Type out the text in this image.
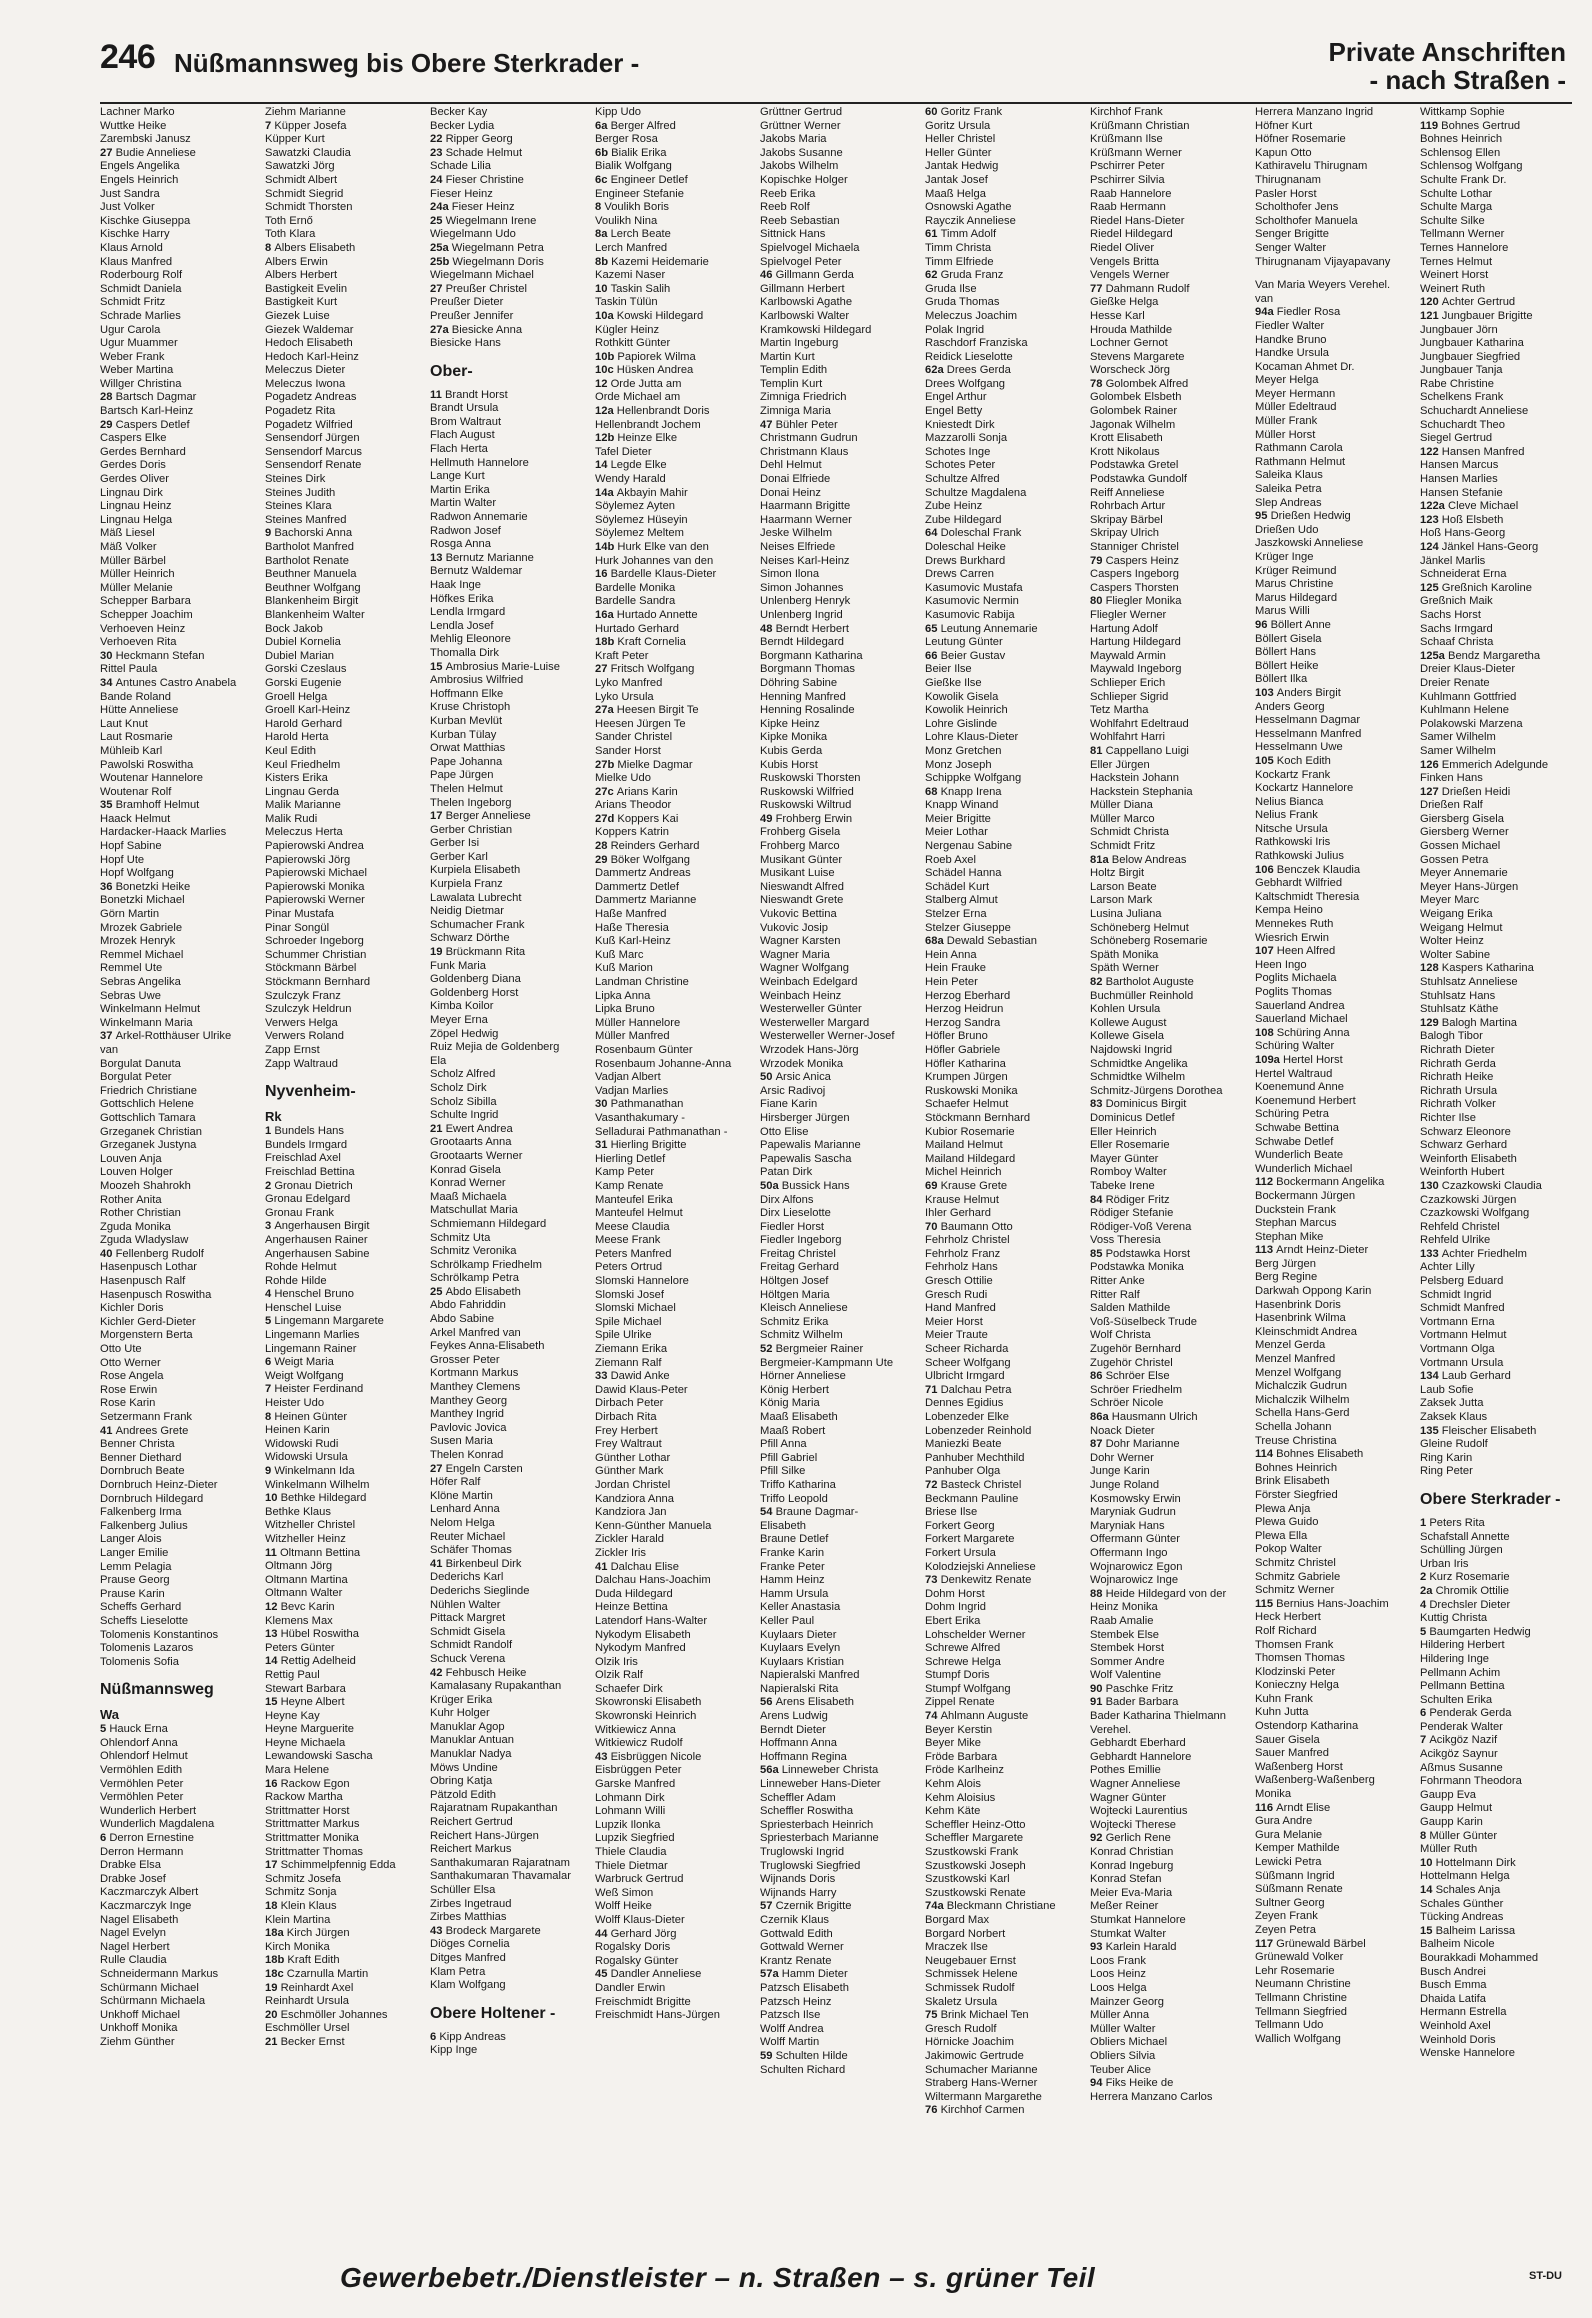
246 Nüßmannsweg bis Obere Sterkrader -	Private Anschriften
- nach Straßen -
Lachner Marko
Wuttke Heike
Zarembski Janusz
27 Budie Anneliese
Engels Angelika
Engels Heinrich
Just Sandra
Just Volker
Kischke Giuseppa
Kischke Harry
Klaus Arnold
Klaus Manfred
Roderbourg Rolf
Schmidt Daniela
Schmidt Fritz
Schrade Marlies
Ugur Carola
Ugur Muammer
Weber Frank
Weber Martina
Willger Christina
28 Bartsch Dagmar
Bartsch Karl-Heinz
29 Caspers Detlef
Caspers Elke
Gerdes Bernhard
Gerdes Doris
Gerdes Oliver
Lingnau Dirk
Lingnau Heinz
Lingnau Helga
Mäß Liesel
Mäß Volker
Müller Bärbel
Müller Heinrich
Müller Melanie
Schepper Barbara
Schepper Joachim
Verhoeven Heinz
Verhoeven Rita
30 Heckmann Stefan
Rittel Paula
34 Antunes Castro Anabela
Bande Roland
Hütte Anneliese
Laut Knut
Laut Rosmarie
Mühleib Karl
Pawolski Roswitha
Woutenar Hannelore
Woutenar Rolf
35 Bramhoff Helmut
Haack Helmut
Hardacker-Haack Marlies
Hopf Sabine
Hopf Ute
Hopf Wolfgang
36 Bonetzki Heike
Bonetzki Michael
Görn Martin
Mrozek Gabriele
Mrozek Henryk
Remmel Michael
Remmel Ute
Sebras Angelika
Sebras Uwe
Winkelmann Helmut
Winkelmann Maria
37 Arkel-Rotthäuser Ulrike
van
Borgulat Danuta
Borgulat Peter
Friedrich Christiane
Gottschlich Helene
Gottschlich Tamara
Grzeganek Christian
Grzeganek Justyna
Louven Anja
Louven Holger
Moozeh Shahrokh
Rother Anita
Rother Christian
Zguda Monika
Zguda Wladyslaw
40 Fellenberg Rudolf
Hasenpusch Lothar
Hasenpusch Ralf
Hasenpusch Roswitha
Kichler Doris
Kichler Gerd-Dieter
Morgenstern Berta
Otto Ute
Otto Werner
Rose Angela
Rose Erwin
Rose Karin
Setzermann Frank
41 Andrees Grete
Benner Christa
Benner Diethard
Dornbruch Beate
Dornbruch Heinz-Dieter
Dornbruch Hildegard
Falkenberg Irma
Falkenberg Julius
Langer Alois
Langer Emilie
Lemm Pelagia
Prause Georg
Prause Karin
Scheffs Gerhard
Scheffs Lieselotte
Tolomenis Konstantinos
Tolomenis Lazaros
Tolomenis Sofia
Nüßmannsweg
Wa
5 Hauck Erna
Ohlendorf Anna
Ohlendorf Helmut
Vermöhlen Edith
Vermöhlen Peter
Vermöhlen Peter
Wunderlich Herbert
Wunderlich Magdalena
6 Derron Ernestine
Derron Hermann
Drabke Elsa
Drabke Josef
Kaczmarczyk Albert
Kaczmarczyk Inge
Nagel Elisabeth
Nagel Evelyn
Nagel Herbert
Rulle Claudia
Schneidermann Markus
Schürmann Michael
Schürmann Michaela
Unkhoff Michael
Unkhoff Monika
Ziehm Günther
Ziehm Marianne
7 Küpper Josefa
Küpper Kurt
Sawatzki Claudia
Sawatzki Jörg
Schmidt Albert
Schmidt Siegrid
Schmidt Thorsten
Toth Ernő
Toth Klara
8 Albers Elisabeth
Albers Erwin
Albers Herbert
Bastigkeit Evelin
Bastigkeit Kurt
Giezek Luise
Giezek Waldemar
Hedoch Elisabeth
Hedoch Karl-Heinz
Meleczus Dieter
Meleczus Iwona
Pogadetz Andreas
Pogadetz Rita
Pogadetz Wilfried
Sensendorf Jürgen
Sensendorf Marcus
Sensendorf Renate
Steines Dirk
Steines Judith
Steines Klara
Steines Manfred
9 Bachorski Anna
Bartholot Manfred
Bartholot Renate
Beuthner Manuela
Beuthner Wolfgang
Blankenheim Birgit
Blankenheim Walter
Bock Jakob
Dubiel Kornelia
Dubiel Marian
Gorski Czeslaus
Gorski Eugenie
Groell Helga
Groell Karl-Heinz
Harold Gerhard
Harold Herta
Keul Edith
Keul Friedhelm
Kisters Erika
Lingnau Gerda
Malik Marianne
Malik Rudi
Meleczus Herta
Papierowski Andrea
Papierowski Jörg
Papierowski Michael
Papierowski Monika
Papierowski Werner
Pinar Mustafa
Pinar Songül
Schroeder Ingeborg
Schummer Christian
Stöckmann Bärbel
Stöckmann Bernhard
Szulczyk Franz
Szulczyk Heldrun
Verwers Helga
Verwers Roland
Zapp Ernst
Zapp Waltraud
Nyvenheim-
Rk
1 Bundels Hans
Bundels Irmgard
Freischlad Axel
Freischlad Bettina
2 Gronau Dietrich
Gronau Edelgard
Gronau Frank
3 Angerhausen Birgit
Angerhausen Rainer
Angerhausen Sabine
Rohde Helmut
Rohde Hilde
4 Henschel Bruno
Henschel Luise
5 Lingemann Margarete
Lingemann Marlies
Lingemann Rainer
6 Weigt Maria
Weigt Wolfgang
7 Heister Ferdinand
Heister Udo
8 Heinen Günter
Heinen Karin
Widowski Rudi
Widowski Ursula
9 Winkelmann Ida
Winkelmann Wilhelm
10 Bethke Hildegard
Bethke Klaus
Witzheller Christel
Witzheller Heinz
11 Oltmann Bettina
Oltmann Jörg
Oltmann Martina
Oltmann Walter
12 Bevc Karin
Klemens Max
13 Hübel Roswitha
Peters Günter
14 Rettig Adelheid
Rettig Paul
Stewart Barbara
15 Heyne Albert
Heyne Kay
Heyne Marguerite
Heyne Michaela
Lewandowski Sascha
Mara Helene
16 Rackow Egon
Rackow Martha
Strittmatter Horst
Strittmatter Markus
Strittmatter Monika
Strittmatter Thomas
17 Schimmelpfennig Edda
Schmitz Josefa
Schmitz Sonja
18 Klein Klaus
Klein Martina
18a Kirch Jürgen
Kirch Monika
18b Kraft Edith
18c Czarnulla Martin
19 Reinhardt Axel
Reinhardt Ursula
20 Eschmöller Johannes
Eschmöller Ursel
21 Becker Ernst
Becker Kay
Becker Lydia
22 Ripper Georg
23 Schade Helmut
Schade Lilia
24 Fieser Christine
Fieser Heinz
24a Fieser Heinz
25 Wiegelmann Irene
Wiegelmann Udo
25a Wiegelmann Petra
25b Wiegelmann Doris
Wiegelmann Michael
27 Preußer Christel
Preußer Dieter
Preußer Jennifer
27a Biesicke Anna
Biesicke Hans
Ober-
11 Brandt Horst
Brandt Ursula
Brom Waltraut
Flach August
Flach Herta
Hellmuth Hannelore
Lange Kurt
Martin Erika
Martin Walter
Radwon Annemarie
Radwon Josef
Rosga Anna
13 Bernutz Marianne
Bernutz Waldemar
Haak Inge
Höfkes Erika
Lendla Irmgard
Lendla Josef
Mehlig Eleonore
Thomalla Dirk
15 Ambrosius Marie-Luise
Ambrosius Wilfried
Hoffmann Elke
Kruse Christoph
Kurban Mevlüt
Kurban Tülay
Orwat Matthias
Pape Johanna
Pape Jürgen
Thelen Helmut
Thelen Ingeborg
17 Berger Anneliese
Gerber Christian
Gerber Isi
Gerber Karl
Kurpiela Elisabeth
Kurpiela Franz
Lawalata Lubrecht
Neidig Dietmar
Schumacher Frank
Schwarz Dörthe
19 Brückmann Rita
Funk Maria
Goldenberg Diana
Goldenberg Horst
Kimba Koilor
Meyer Erna
Zöpel Hedwig
Ruiz Mejia de Goldenberg
Ela
Scholz Alfred
Scholz Dirk
Scholz Sibilla
Schulte Ingrid
21 Ewert Andrea
Grootaarts Anna
Grootaarts Werner
Konrad Gisela
Konrad Werner
Maaß Michaela
Matschullat Maria
Schmiemann Hildegard
Schmitz Uta
Schmitz Veronika
Schrölkamp Friedhelm
Schrölkamp Petra
25 Abdo Elisabeth
Abdo Fahriddin
Abdo Sabine
Arkel Manfred van
Feykes Anna-Elisabeth
Grosser Peter
Kortmann Markus
Manthey Clemens
Manthey Georg
Manthey Ingrid
Pavlovic Jovica
Susen Maria
Thelen Konrad
27 Engeln Carsten
Höfer Ralf
Klöne Martin
Lenhard Anna
Nelom Helga
Reuter Michael
Schäfer Thomas
41 Birkenbeul Dirk
Dederichs Karl
Dederichs Sieglinde
Nühlen Walter
Pittack Margret
Schmidt Gisela
Schmidt Randolf
Schuck Verena
42 Fehbusch Heike
Kamalasany Rupakanthan
Krüger Erika
Kuhr Holger
Manuklar Agop
Manuklar Antuan
Manuklar Nadya
Möws Undine
Obring Katja
Pätzold Edith
Rajaratnam Rupakanthan
Reichert Gertrud
Reichert Hans-Jürgen
Reichert Markus
Santhakumaran Rajaratnam
Santhakumaran Thavamalar
Schüller Elsa
Zirbes Ingetraud
Zirbes Matthias
43 Brodeck Margarete
Diöges Cornelia
Ditges Manfred
Klam Petra
Klam Wolfgang
Obere Holtener -
6 Kipp Andreas
Kipp Inge
Kipp Udo
6a Berger Alfred
Berger Rosa
6b Bialik Erika
Bialik Wolfgang
6c Engineer Detlef
Engineer Stefanie
8 Voulikh Boris
Voulikh Nina
8a Lerch Beate
Lerch Manfred
8b Kazemi Heidemarie
Kazemi Naser
10 Taskin Salih
Taskin Tülün
10a Kowski Hildegard
Kügler Heinz
Rothkitt Günter
10b Papiorek Wilma
10c Hüsken Andrea
12 Orde Jutta am
Orde Michael am
12a Hellenbrandt Doris
Hellenbrandt Jochem
12b Heinze Elke
Tafel Dieter
14 Legde Elke
Wendy Harald
14a Akbayin Mahir
Söylemez Ayten
Söylemez Hüseyin
Söylemez Meltem
14b Hurk Elke van den
Hurk Johannes van den
16 Bardelle Klaus-Dieter
Bardelle Monika
Bardelle Sandra
16a Hurtado Annette
Hurtado Gerhard
18b Kraft Cornelia
Kraft Peter
27 Fritsch Wolfgang
Lyko Manfred
Lyko Ursula
27a Heesen Birgit Te
Heesen Jürgen Te
Sander Christel
Sander Horst
27b Mielke Dagmar
Mielke Udo
27c Arians Karin
Arians Theodor
27d Koppers Kai
Koppers Katrin
28 Reinders Gerhard
29 Böker Wolfgang
Dammertz Andreas
Dammertz Detlef
Dammertz Marianne
Haße Manfred
Haße Theresia
Kuß Karl-Heinz
Kuß Marc
Kuß Marion
Landman Christine
Lipka Anna
Lipka Bruno
Müller Hannelore
Müller Manfred
Rosenbaum Günter
Rosenbaum Johanne-Anna
Vadjan Albert
Vadjan Marlies
30 Pathmanathan
Vasanthakumary -
Selladurai Pathmanathan -
31 Hierling Brigitte
Hierling Detlef
Kamp Peter
Kamp Renate
Manteufel Erika
Manteufel Helmut
Meese Claudia
Meese Frank
Peters Manfred
Peters Ortrud
Slomski Hannelore
Slomski Josef
Slomski Michael
Spile Michael
Spile Ulrike
Ziemann Erika
Ziemann Ralf
33 Dawid Anke
Dawid Klaus-Peter
Dirbach Peter
Dirbach Rita
Frey Herbert
Frey Waltraut
Günther Lothar
Günther Mark
Jordan Christel
Kandziora Anna
Kandziora Jan
Kenn-Günther Manuela
Zickler Harald
Zickler Iris
41 Dalchau Elise
Dalchau Hans-Joachim
Duda Hildegard
Heinze Bettina
Latendorf Hans-Walter
Nykodym Elisabeth
Nykodym Manfred
Olzik Iris
Olzik Ralf
Schaefer Dirk
Skowronski Elisabeth
Skowronski Heinrich
Witkiewicz Anna
Witkiewicz Rudolf
43 Eisbrüggen Nicole
Eisbrüggen Peter
Garske Manfred
Lohmann Dirk
Lohmann Willi
Lupzik Ilonka
Lupzik Siegfried
Thiele Claudia
Thiele Dietmar
Warbruck Gertrud
Weß Simon
Wolff Heike
Wolff Klaus-Dieter
44 Gerhard Jörg
Rogalsky Doris
Rogalsky Günter
45 Dandler Anneliese
Dandler Erwin
Freischmidt Brigitte
Freischmidt Hans-Jürgen
Grüttner Gertrud
Grüttner Werner
Jakobs Maria
Jakobs Susanne
Jakobs Wilhelm
Kopischke Holger
Reeb Erika
Reeb Rolf
Reeb Sebastian
Sittnick Hans
Spielvogel Michaela
Spielvogel Peter
46 Gillmann Gerda
Gillmann Herbert
Karlbowski Agathe
Karlbowski Walter
Kramkowski Hildegard
Martin Ingeburg
Martin Kurt
Templin Edith
Templin Kurt
Zimniga Friedrich
Zimniga Maria
47 Bühler Peter
Christmann Gudrun
Christmann Klaus
Dehl Helmut
Donai Elfriede
Donai Heinz
Haarmann Brigitte
Haarmann Werner
Jeske Wilhelm
Neises Elfriede
Neises Karl-Heinz
Simon Ilona
Simon Johannes
Unlenberg Henryk
Unlenberg Ingrid
48 Berndt Herbert
Berndt Hildegard
Borgmann Katharina
Borgmann Thomas
Döhring Sabine
Henning Manfred
Henning Rosalinde
Kipke Heinz
Kipke Monika
Kubis Gerda
Kubis Horst
Ruskowski Thorsten
Ruskowski Wilfried
Ruskowski Wiltrud
49 Frohberg Erwin
Frohberg Gisela
Frohberg Marco
Musikant Günter
Musikant Luise
Nieswandt Alfred
Nieswandt Grete
Vukovic Bettina
Vukovic Josip
Wagner Karsten
Wagner Maria
Wagner Wolfgang
Weinbach Edelgard
Weinbach Heinz
Westerweller Günter
Westerweller Margard
Westerweller Werner-Josef
Wrzodek Hans-Jörg
Wrzodek Monika
50 Arsic Anica
Arsic Radivoj
Fiane Karin
Hirsberger Jürgen
Otto Elise
Papewalis Marianne
Papewalis Sascha
Patan Dirk
50a Bussick Hans
Dirx Alfons
Dirx Lieselotte
Fiedler Horst
Fiedler Ingeborg
Freitag Christel
Freitag Gerhard
Höltgen Josef
Höltgen Maria
Kleisch Anneliese
Schmitz Erika
Schmitz Wilhelm
52 Bergmeier Rainer
Bergmeier-Kampmann Ute
Hörner Anneliese
König Herbert
König Maria
Maaß Elisabeth
Maaß Robert
Pfill Anna
Pfill Gabriel
Pfill Silke
Triffo Katharina
Triffo Leopold
54 Braune Dagmar-
Elisabeth
Braune Detlef
Franke Karin
Franke Peter
Hamm Heinz
Hamm Ursula
Keller Anastasia
Keller Paul
Kuylaars Dieter
Kuylaars Evelyn
Kuylaars Kristian
Napieralski Manfred
Napieralski Rita
56 Arens Elisabeth
Arens Ludwig
Berndt Dieter
Hoffmann Anna
Hoffmann Regina
56a Linneweber Christa
Linneweber Hans-Dieter
Scheffler Adam
Scheffler Roswitha
Spriesterbach Heinrich
Spriesterbach Marianne
Truglowski Ingrid
Truglowski Siegfried
Wijnands Doris
Wijnands Harry
57 Czernik Brigitte
Czernik Klaus
Gottwald Edith
Gottwald Werner
Krantz Renate
57a Hamm Dieter
Patzsch Elisabeth
Patzsch Heinz
Patzsch Ilse
Wolff Andrea
Wolff Martin
59 Schulten Hilde
Schulten Richard
60 Goritz Frank
Goritz Ursula
Heller Christel
Heller Günter
Jantak Hedwig
Jantak Josef
Maaß Helga
Osnowski Agathe
Rayczik Anneliese
61 Timm Adolf
Timm Christa
Timm Elfriede
62 Gruda Franz
Gruda Ilse
Gruda Thomas
Meleczus Joachim
Polak Ingrid
Raschdorf Franziska
Reidick Lieselotte
62a Drees Gerda
Drees Wolfgang
Engel Arthur
Engel Betty
Kniestedt Dirk
Mazzarolli Sonja
Schotes Inge
Schotes Peter
Schultze Alfred
Schultze Magdalena
Zube Heinz
Zube Hildegard
64 Doleschal Frank
Doleschal Heike
Drews Burkhard
Drews Carren
Kasumovic Mustafa
Kasumovic Nermin
Kasumovic Rabija
65 Leutung Annemarie
Leutung Günter
66 Beier Gustav
Beier Ilse
Gießke Ilse
Kowolik Gisela
Kowolik Heinrich
Lohre Gislinde
Lohre Klaus-Dieter
Monz Gretchen
Monz Joseph
Schippke Wolfgang
68 Knapp Irena
Knapp Winand
Meier Brigitte
Meier Lothar
Nergenau Sabine
Roeb Axel
Schädel Hanna
Schädel Kurt
Stalberg Almut
Stelzer Erna
Stelzer Giuseppe
68a Dewald Sebastian
Hein Anna
Hein Frauke
Hein Peter
Herzog Eberhard
Herzog Heidrun
Herzog Sandra
Höfler Bruno
Höfler Gabriele
Höfler Katharina
Krumpen Jürgen
Ruskowski Monika
Schaefer Helmut
Stöckmann Bernhard
Kubior Rosemarie
Mailand Helmut
Mailand Hildegard
Michel Heinrich
69 Krause Grete
Krause Helmut
Ihler Gerhard
70 Baumann Otto
Fehrholz Christel
Fehrholz Franz
Fehrholz Hans
Gresch Ottilie
Gresch Rudi
Hand Manfred
Meier Horst
Meier Traute
Scheer Richarda
Scheer Wolfgang
Ulbricht Irmgard
71 Dalchau Petra
Dennes Egidius
Lobenzeder Elke
Lobenzeder Reinhold
Maniezki Beate
Panhuber Mechthild
Panhuber Olga
72 Basteck Christel
Beckmann Pauline
Briese Ilse
Forkert Georg
Forkert Margarete
Forkert Ursula
Kolodziejski Anneliese
73 Denkewitz Renate
Dohm Horst
Dohm Ingrid
Ebert Erika
Lohschelder Werner
Schrewe Alfred
Schrewe Helga
Stumpf Doris
Stumpf Wolfgang
Zippel Renate
74 Ahlmann Auguste
Beyer Kerstin
Beyer Mike
Fröde Barbara
Fröde Karlheinz
Kehm Alois
Kehm Aloisius
Kehm Käte
Scheffler Heinz-Otto
Scheffler Margarete
Szustkowski Frank
Szustkowski Joseph
Szustkowski Karl
Szustkowski Renate
74a Bleckmann Christiane
Borgard Max
Borgard Norbert
Mraczek Ilse
Neugebauer Ernst
Schmissek Helene
Schmissek Rudolf
Skaletz Ursula
75 Brink Michael Ten
Gresch Rudolf
Hörnicke Joachim
Jakimowic Gertrude
Schumacher Marianne
Straberg Hans-Werner
Wiltermann Margarethe
76 Kirchhof Carmen
Kirchhof Frank
Krüßmann Christian
Krüßmann Ilse
Krüßmann Werner
Pschirrer Peter
Pschirrer Silvia
Raab Hannelore
Raab Hermann
Riedel Hans-Dieter
Riedel Hildegard
Riedel Oliver
Vengels Britta
Vengels Werner
77 Dahmann Rudolf
Gießke Helga
Hesse Karl
Hrouda Mathilde
Lochner Gernot
Stevens Margarete
Worscheck Jörg
78 Golombek Alfred
Golombek Elsbeth
Golombek Rainer
Jagonak Wilhelm
Krott Elisabeth
Krott Nikolaus
Podstawka Gretel
Podstawka Gundolf
Reiff Anneliese
Rohrbach Artur
Skripay Bärbel
Skripay Ulrich
Stanniger Christel
79 Caspers Heinz
Caspers Ingeborg
Caspers Thorsten
80 Fliegler Monika
Fliegler Werner
Hartung Adolf
Hartung Hildegard
Maywald Armin
Maywald Ingeborg
Schlieper Erich
Schlieper Sigrid
Tetz Martha
Wohlfahrt Edeltraud
Wohlfahrt Harri
81 Cappellano Luigi
Eller Jürgen
Hackstein Johann
Hackstein Stephania
Müller Diana
Müller Marco
Schmidt Christa
Schmidt Fritz
81a Below Andreas
Holtz Birgit
Larson Beate
Larson Mark
Lusina Juliana
Schöneberg Helmut
Schöneberg Rosemarie
Späth Monika
Späth Werner
82 Bartholot Auguste
Buchmüller Reinhold
Kohlen Ursula
Kollewe August
Kollewe Gisela
Najdowski Ingrid
Schmidtke Angelika
Schmidtke Wilhelm
Schmitz-Jürgens Dorothea
83 Dominicus Birgit
Dominicus Detlef
Eller Heinrich
Eller Rosemarie
Mayer Günter
Romboy Walter
Tabeke Irene
84 Rödiger Fritz
Rödiger Stefanie
Rödiger-Voß Verena
Voss Theresia
85 Podstawka Horst
Podstawka Monika
Ritter Anke
Ritter Ralf
Salden Mathilde
Voß-Süselbeck Trude
Wolf Christa
Zugehör Bernhard
Zugehör Christel
86 Schröer Else
Schröer Friedhelm
Schröer Nicole
86a Hausmann Ulrich
Noack Dieter
87 Dohr Marianne
Dohr Werner
Junge Karin
Junge Roland
Kosmowsky Erwin
Maryniak Gudrun
Maryniak Hans
Offermann Günter
Offermann Ingo
Wojnarowicz Egon
Wojnarowicz Inge
88 Heide Hildegard von der
Heinz Monika
Raab Amalie
Stembek Else
Stembek Horst
Sommer Andre
Wolf Valentine
90 Paschke Fritz
91 Bader Barbara
Bader Katharina Thielmann
Verehel.
Gebhardt Eberhard
Gebhardt Hannelore
Pothes Emillie
Wagner Anneliese
Wagner Günter
Wojtecki Laurentius
Wojtecki Therese
92 Gerlich Rene
Konrad Christian
Konrad Ingeburg
Konrad Stefan
Meier Eva-Maria
Meßer Reiner
Stumkat Hannelore
Stumkat Walter
93 Karlein Harald
Loos Frank
Loos Heinz
Loos Helga
Mainzer Georg
Müller Anna
Müller Walter
Obliers Michael
Obliers Silvia
Teuber Alice
94 Fiks Heike de
Herrera Manzano Carlos
Herrera Manzano Ingrid
Höfner Kurt
Höfner Rosemarie
Kapun Otto
Kathiravelu Thirugnam
Thirugnanam
Pasler Horst
Scholthofer Jens
Scholthofer Manuela
Senger Brigitte
Senger Walter
Thirugnanam Vijayapavany
Van Maria Weyers Verehel.
van
94a Fiedler Rosa
Fiedler Walter
Handke Bruno
Handke Ursula
Kocaman Ahmet Dr.
Meyer Helga
Meyer Hermann
Müller Edeltraud
Müller Frank
Müller Horst
Rathmann Carola
Rathmann Helmut
Saleika Klaus
Saleika Petra
Slep Andreas
95 Drießen Hedwig
Drießen Udo
Jaszkowski Anneliese
Krüger Inge
Krüger Reimund
Marus Christine
Marus Hildegard
Marus Willi
96 Böllert Anne
Böllert Gisela
Böllert Hans
Böllert Heike
Böllert Ilka
103 Anders Birgit
Anders Georg
Hesselmann Dagmar
Hesselmann Manfred
Hesselmann Uwe
105 Koch Edith
Kockartz Frank
Kockartz Hannelore
Nelius Bianca
Nelius Frank
Nitsche Ursula
Rathkowski Iris
Rathkowski Julius
106 Benczek Klaudia
Gebhardt Wilfried
Kaltschmidt Theresia
Kempa Heino
Mennekes Ruth
Wiesrich Erwin
107 Heen Alfred
Heen Ingo
Poglits Michaela
Poglits Thomas
Sauerland Andrea
Sauerland Michael
108 Schüring Anna
Schüring Walter
109a Hertel Horst
Hertel Waltraud
Koenemund Anne
Koenemund Herbert
Schüring Petra
Schwabe Bettina
Schwabe Detlef
Wunderlich Beate
Wunderlich Michael
112 Bockermann Angelika
Bockermann Jürgen
Duckstein Frank
Stephan Marcus
Stephan Mike
113 Arndt Heinz-Dieter
Berg Jürgen
Berg Regine
Darkwah Oppong Karin
Hasenbrink Doris
Hasenbrink Wilma
Kleinschmidt Andrea
Menzel Gerda
Menzel Manfred
Menzel Wolfgang
Michalczik Gudrun
Michalczik Wilhelm
Schella Hans-Gerd
Schella Johann
Treuse Christina
114 Bohnes Elisabeth
Bohnes Heinrich
Brink Elisabeth
Förster Siegfried
Plewa Anja
Plewa Guido
Plewa Ella
Pokop Walter
Schmitz Christel
Schmitz Gabriele
Schmitz Werner
115 Bernius Hans-Joachim
Heck Herbert
Rolf Richard
Thomsen Frank
Thomsen Thomas
Klodzinski Peter
Konieczny Helga
Kuhn Frank
Kuhn Jutta
Ostendorp Katharina
Sauer Gisela
Sauer Manfred
Waßenberg Horst
Waßenberg-Waßenberg
Monika
116 Arndt Elise
Gura Andre
Gura Melanie
Kemper Mathilde
Lewicki Petra
Süßmann Ingrid
Süßmann Renate
Sultner Georg
Zeyen Frank
Zeyen Petra
117 Grünewald Bärbel
Grünewald Volker
Lehr Rosemarie
Neumann Christine
Tellmann Christine
Tellmann Siegfried
Tellmann Udo
Wallich Wolfgang
Wittkamp Sophie
119 Bohnes Gertrud
Bohnes Heinrich
Schlensog Ellen
Schlensog Wolfgang
Schulte Frank Dr.
Schulte Lothar
Schulte Marga
Schulte Silke
Tellmann Werner
Ternes Hannelore
Ternes Helmut
Weinert Horst
Weinert Ruth
120 Achter Gertrud
121 Jungbauer Brigitte
Jungbauer Jörn
Jungbauer Katharina
Jungbauer Siegfried
Jungbauer Tanja
Rabe Christine
Schelkens Frank
Schuchardt Anneliese
Schuchardt Theo
Siegel Gertrud
122 Hansen Manfred
Hansen Marcus
Hansen Marlies
Hansen Stefanie
122a Cleve Michael
123 Hoß Elsbeth
Hoß Hans-Georg
124 Jänkel Hans-Georg
Jänkel Marlis
Schneiderat Erna
125 Greßnich Karoline
Greßnich Maik
Sachs Horst
Sachs Irmgard
Schaaf Christa
125a Bendz Margaretha
Dreier Klaus-Dieter
Dreier Renate
Kuhlmann Gottfried
Kuhlmann Helene
Polakowski Marzena
Samer Wilhelm
Samer Wilhelm
126 Emmerich Adelgunde
Finken Hans
127 Drießen Heidi
Drießen Ralf
Giersberg Gisela
Giersberg Werner
Gossen Michael
Gossen Petra
Meyer Annemarie
Meyer Hans-Jürgen
Meyer Marc
Weigang Erika
Weigang Helmut
Wolter Heinz
Wolter Sabine
128 Kaspers Katharina
Stuhlsatz Anneliese
Stuhlsatz Hans
Stuhlsatz Käthe
129 Balogh Martina
Balogh Tibor
Richrath Dieter
Richrath Gerda
Richrath Heike
Richrath Ursula
Richrath Volker
Richter Ilse
Schwarz Eleonore
Schwarz Gerhard
Weinforth Elisabeth
Weinforth Hubert
130 Czazkowski Claudia
Czazkowski Jürgen
Czazkowski Wolfgang
Rehfeld Christel
Rehfeld Ulrike
133 Achter Friedhelm
Achter Lilly
Pelsberg Eduard
Schmidt Ingrid
Schmidt Manfred
Vortmann Erna
Vortmann Helmut
Vortmann Olga
Vortmann Ursula
134 Laub Gerhard
Laub Sofie
Zaksek Jutta
Zaksek Klaus
135 Fleischer Elisabeth
Gleine Rudolf
Ring Karin
Ring Peter
Obere Sterkrader -
1 Peters Rita
Schafstall Annette
Schülling Jürgen
Urban Iris
2 Kurz Rosemarie
2a Chromik Ottilie
4 Drechsler Dieter
Kuttig Christa
5 Baumgarten Hedwig
Hildering Herbert
Hildering Inge
Pellmann Achim
Pellmann Bettina
Schulten Erika
6 Penderak Gerda
Penderak Walter
7 Acikgöz Nazif
Acikgöz Saynur
Aßmus Susanne
Fohrmann Theodora
Gaupp Eva
Gaupp Helmut
Gaupp Karin
8 Müller Günter
Müller Ruth
10 Hottelmann Dirk
Hottelmann Helga
14 Schales Anja
Schales Günther
Tücking Andreas
15 Balheim Larissa
Balheim Nicole
Bourakkadi Mohammed
Busch Andrei
Busch Emma
Dhaida Latifa
Hermann Estrella
Weinhold Axel
Weinhold Doris
Wenske Hannelore
Gewerbebetr./Dienstleister – n. Straßen – s. grüner Teil	ST-DU
